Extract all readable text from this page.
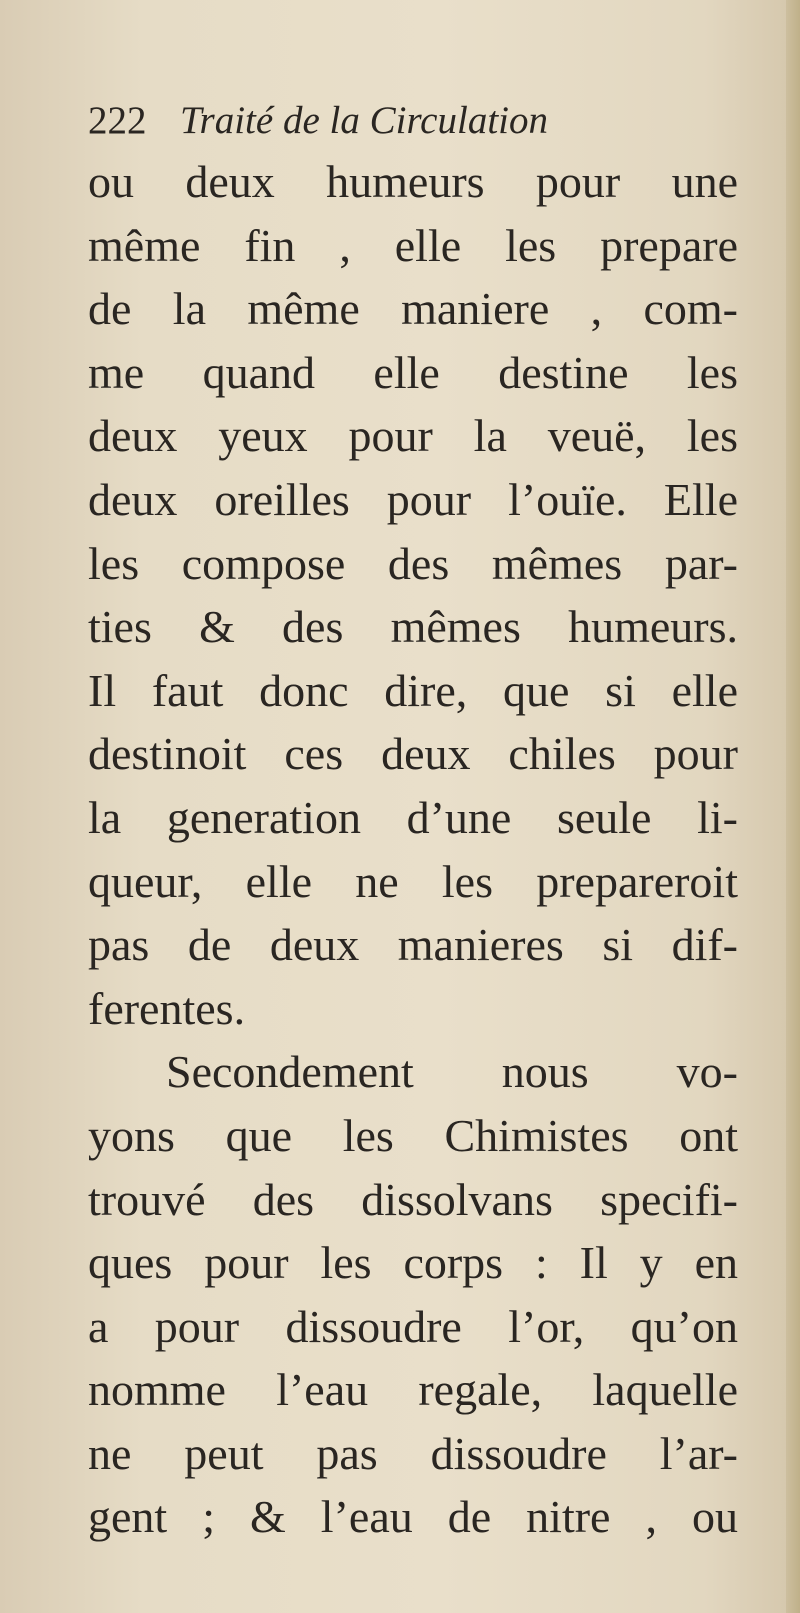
222 Traité de la Circulation
ou deux humeurs pour une
même fin , elle les prepare
de la même maniere , com-
me quand elle destine les
deux yeux pour la veuë, les
deux oreilles pour l’ouïe. Elle
les compose des mêmes par-
ties & des mêmes humeurs.
Il faut donc dire, que si elle
destinoit ces deux chiles pour
la generation d’une seule li-
queur, elle ne les prepareroit
pas de deux manieres si dif-
ferentes.
Secondement nous vo-
yons que les Chimistes ont
trouvé des dissolvans specifi-
ques pour les corps : Il y en
a pour dissoudre l’or, qu’on
nomme l’eau regale, laquelle
ne peut pas dissoudre l’ar-
gent ; & l’eau de nitre , ou
